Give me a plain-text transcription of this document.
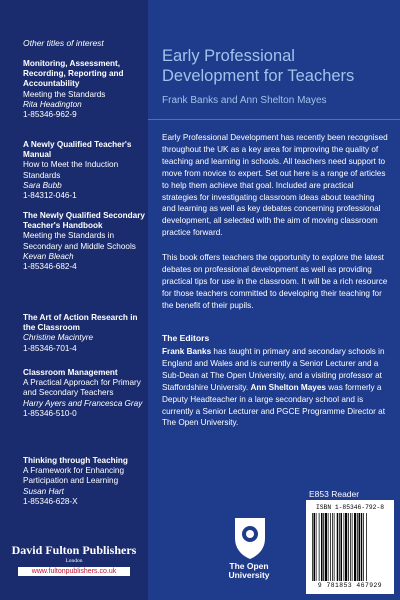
Other titles of interest
Monitoring, Assessment, Recording, Reporting and Accountability
Meeting the Standards
Rita Headington
1-85346-962-9
A Newly Qualified Teacher's Manual
How to Meet the Induction Standards
Sara Bubb
1-84312-046-1
The Newly Qualified Secondary Teacher's Handbook
Meeting the Standards in Secondary and Middle Schools
Kevan Bleach
1-85346-682-4
The Art of Action Research in the Classroom
Christine Macintyre
1-85346-701-4
Classroom Management
A Practical Approach for Primary and Secondary Teachers
Harry Ayers and Francesca Gray
1-85346-510-0
Thinking through Teaching
A Framework for Enhancing Participation and Learning
Susan Hart
1-85346-628-X
David Fulton Publishers
London
www.fultonpublishers.co.uk
Early Professional Development for Teachers
Frank Banks and Ann Shelton Mayes
Early Professional Development has recently been recognised throughout the UK as a key area for improving the quality of teaching and learning in schools. All teachers need support to move from novice to expert. Set out here is a range of articles to help them achieve that goal. Included are practical strategies for investigating classroom ideas about teaching and learning as well as key debates concerning professional development, all selected with the aim of moving classroom practice forward.
This book offers teachers the opportunity to explore the latest debates on professional development as well as providing practical tips for use in the classroom. It will be a rich resource for those teachers committed to developing their teaching for the benefit of their pupils.
The Editors
Frank Banks has taught in primary and secondary schools in England and Wales and is currently a Senior Lecturer and a Sub-Dean at The Open University, and a visiting professor at Staffordshire University. Ann Shelton Mayes was formerly a Deputy Headteacher in a large secondary school and is currently a Senior Lecturer and PGCE Programme Director at The Open University.
E853 Reader
The Open
University
ISBN 1-85346-792-8
9 781853 467929
